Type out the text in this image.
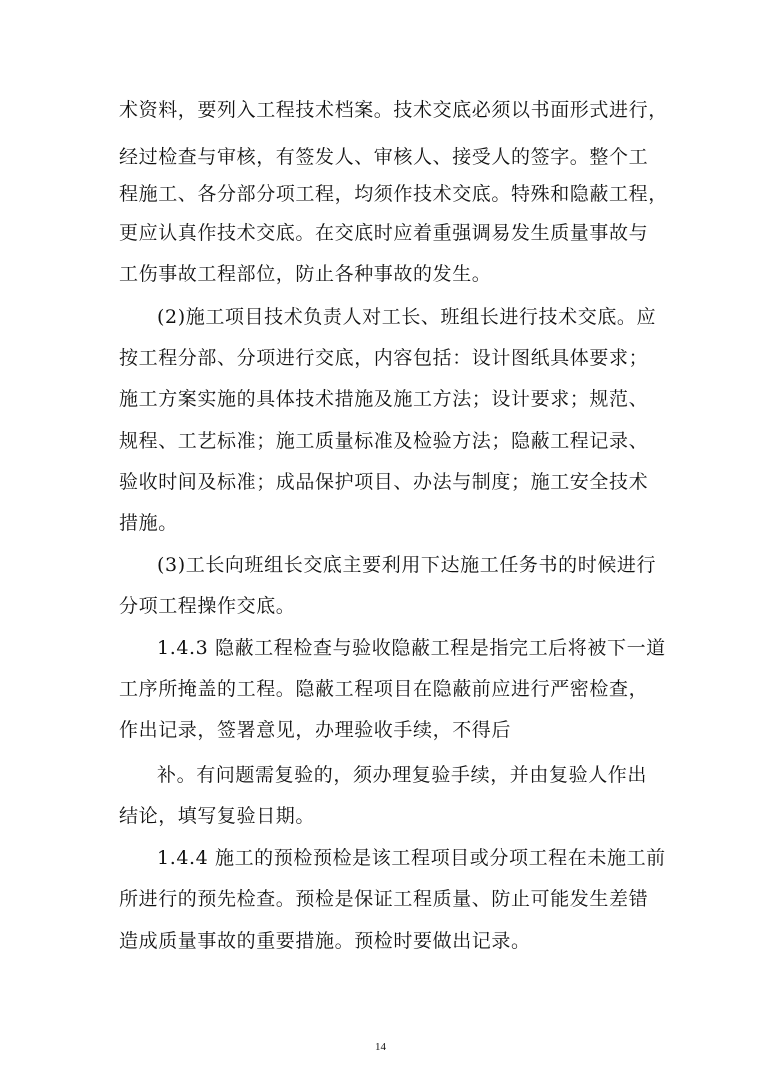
术资料，要列入工程技术档案。技术交底必须以书面形式进行，
经过检查与审核，有签发人、审核人、接受人的签字。整个工
程施工、各分部分项工程，均须作技术交底。特殊和隐蔽工程，
更应认真作技术交底。在交底时应着重强调易发生质量事故与
工伤事故工程部位，防止各种事故的发生。
(2)施工项目技术负责人对工长、班组长进行技术交底。应
按工程分部、分项进行交底，内容包括：设计图纸具体要求；
施工方案实施的具体技术措施及施工方法；设计要求；规范、
规程、工艺标准；施工质量标准及检验方法；隐蔽工程记录、
验收时间及标准；成品保护项目、办法与制度；施工安全技术
措施。
(3)工长向班组长交底主要利用下达施工任务书的时候进行
分项工程操作交底。
1.4.3 隐蔽工程检查与验收隐蔽工程是指完工后将被下一道
工序所掩盖的工程。隐蔽工程项目在隐蔽前应进行严密检查，
作出记录，签署意见，办理验收手续，不得后
补。有问题需复验的，须办理复验手续，并由复验人作出
结论，填写复验日期。
1.4.4 施工的预检预检是该工程项目或分项工程在未施工前
所进行的预先检查。预检是保证工程质量、防止可能发生差错
造成质量事故的重要措施。预检时要做出记录。
14
